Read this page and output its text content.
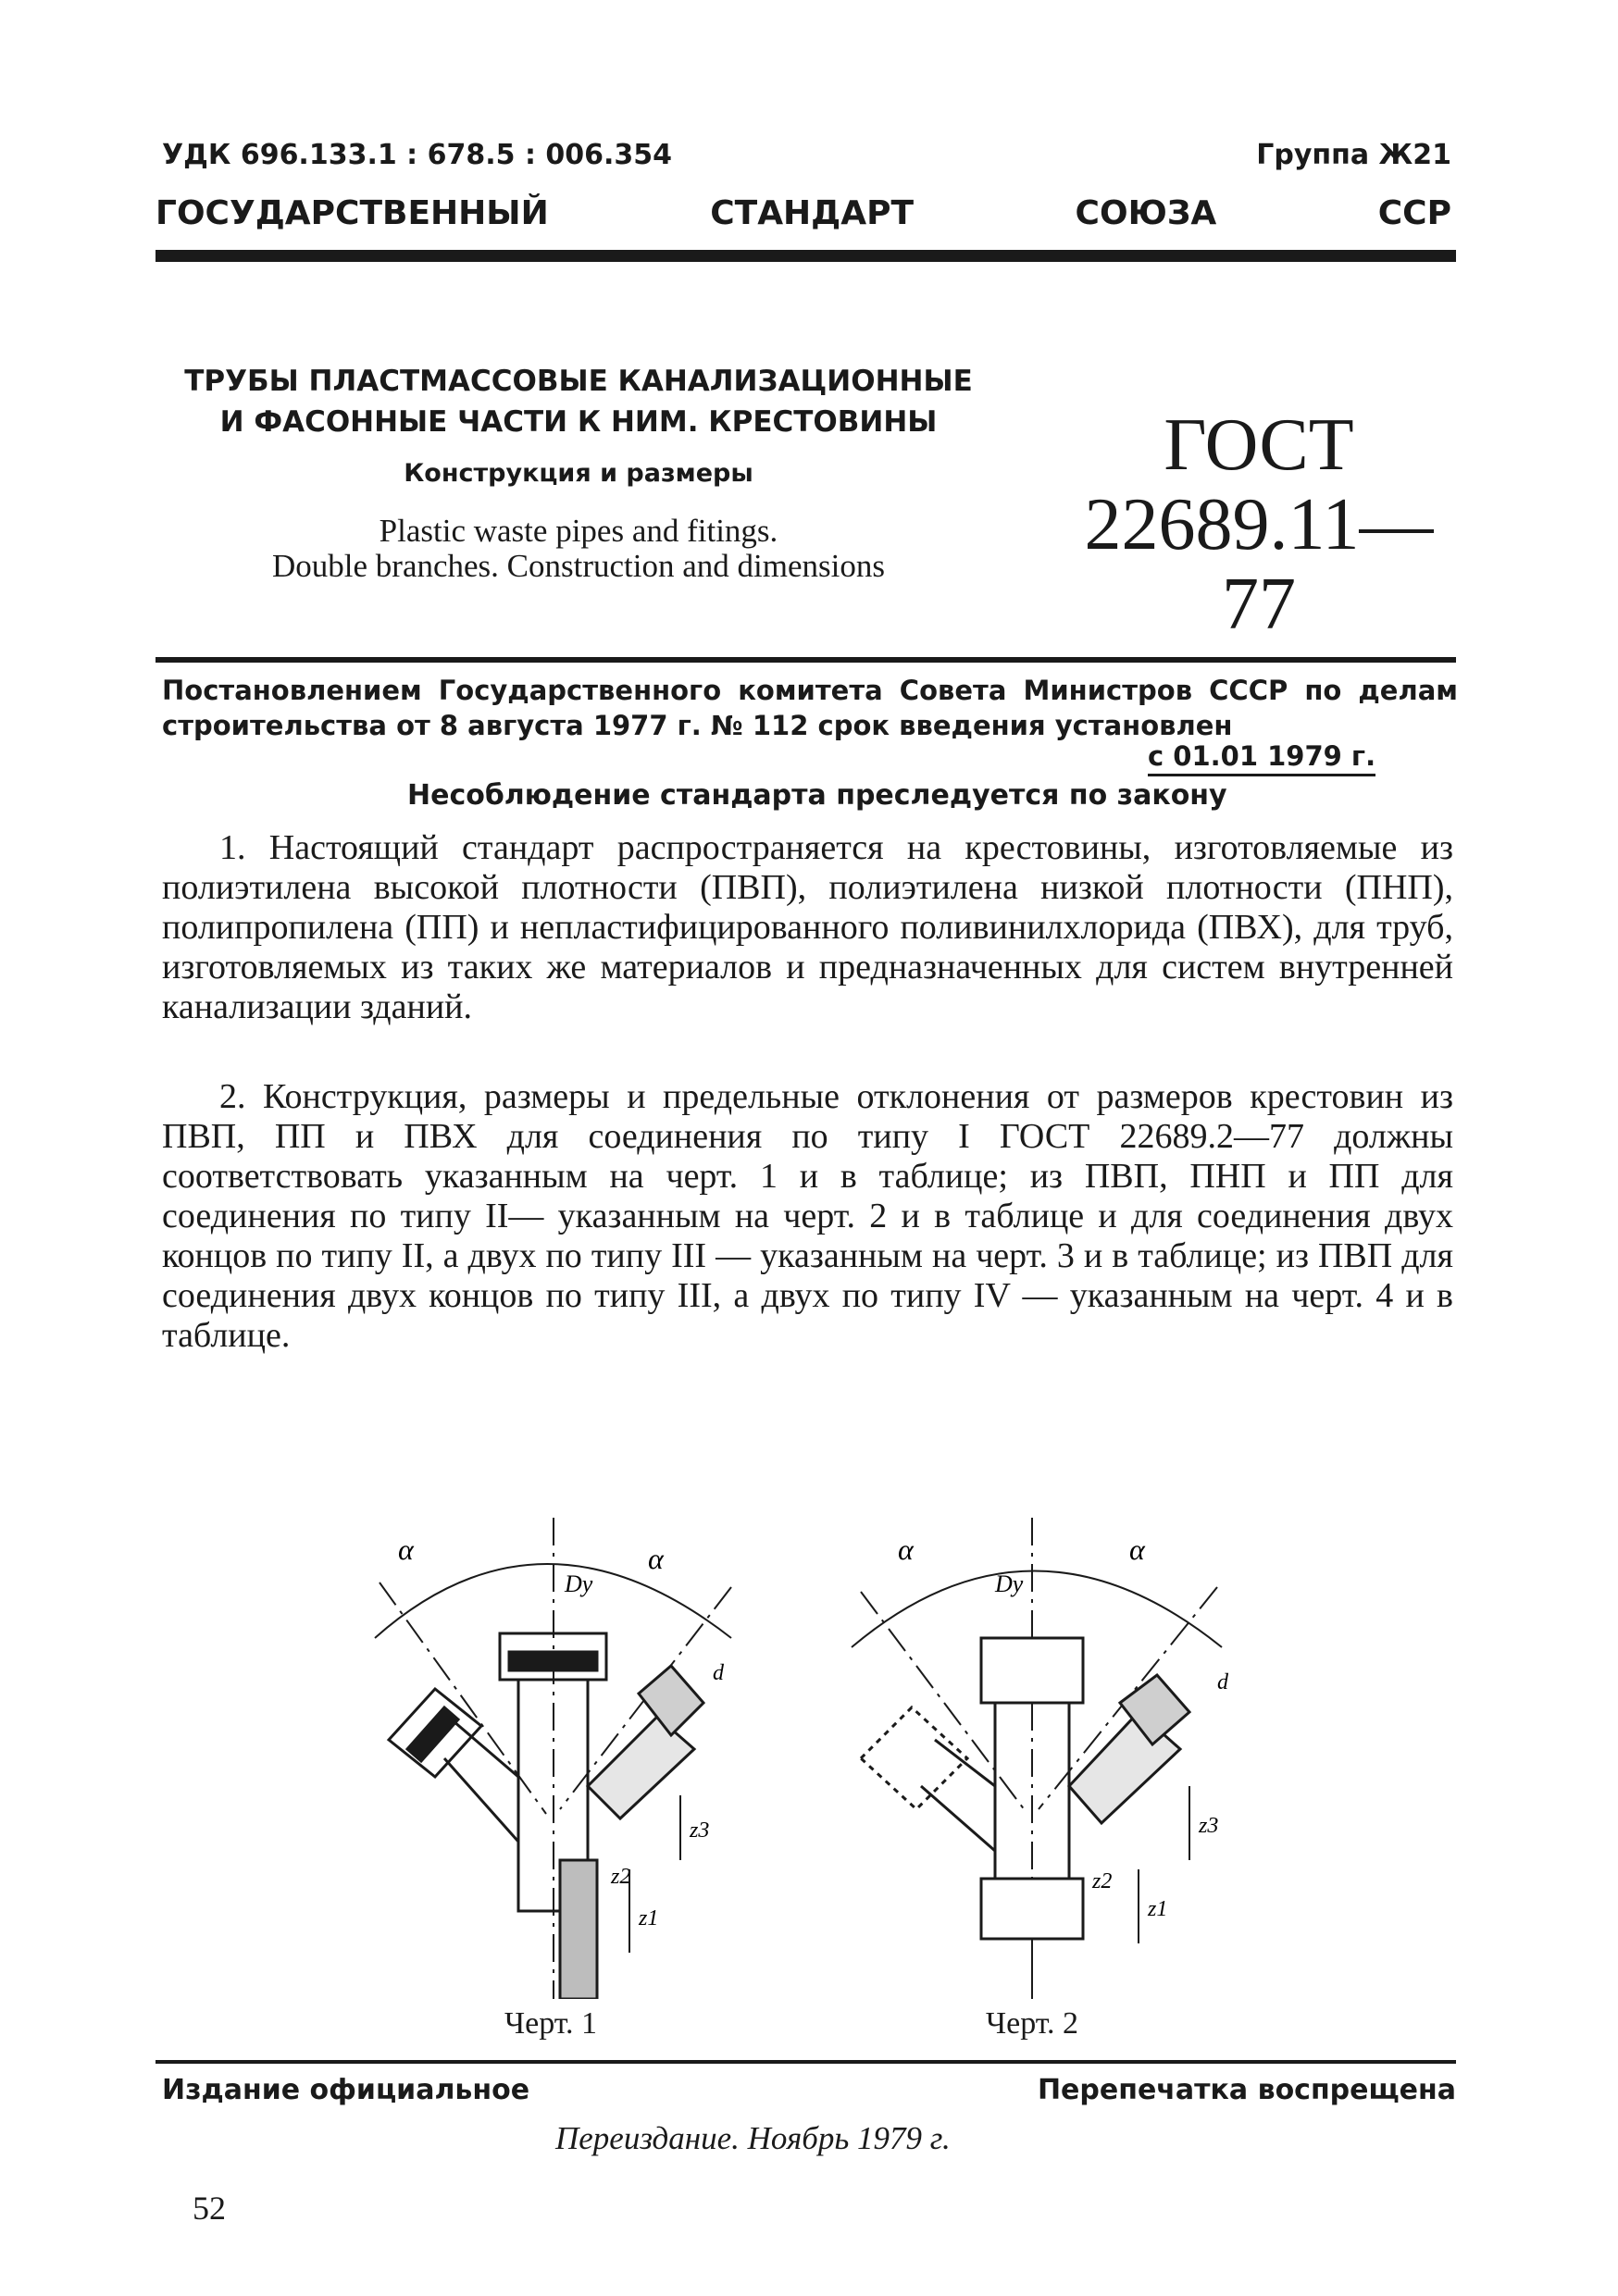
УДК 696.133.1 : 678.5 : 006.354	Группа Ж21
ГОСУДАРСТВЕННЫЙ	СТАНДАРТ	СОЮЗА	ССР
ТРУБЫ ПЛАСТМАССОВЫЕ КАНАЛИЗАЦИОННЫЕ
И ФАСОННЫЕ ЧАСТИ К НИМ. КРЕСТОВИНЫ
Конструкция и размеры
Plastic waste pipes and fitings.
Double branches. Construction and dimensions
ГОСТ
22689.11—77
Постановлением Государственного комитета Совета Министров СССР по делам строительства от 8 августа 1977 г. № 112 срок введения установлен
с 01.01 1979 г.
Несоблюдение стандарта преследуется по закону
1. Настоящий стандарт распространяется на крестовины, изготовляемые из полиэтилена высокой плотности (ПВП), полиэтилена низкой плотности (ПНП), полипропилена (ПП) и непластифицированного поливинилхлорида (ПВХ), для труб, изготовляемых из таких же материалов и предназначенных для систем внутренней канализации зданий.
2. Конструкция, размеры и предельные отклонения от размеров крестовин из ПВП, ПП и ПВХ для соединения по типу I ГОСТ 22689.2—77 должны соответствовать указанным на черт. 1 и в таблице; из ПВП, ПНП и ПП для соединения по типу II— указанным на черт. 2 и в таблице и для соединения двух концов по типу II, а двух по типу III — указанным на черт. 3 и в таблице; из ПВП для соединения двух концов по типу III, а двух по типу IV — указанным на черт. 4 и в таблице.
α	α
Dy
d
z1
z2
z3
α	α
Dy
d
z1
z2
z3
Черт. 1	Черт. 2
Издание официальное	Перепечатка воспрещена
Переиздание. Ноябрь 1979 г.
52
